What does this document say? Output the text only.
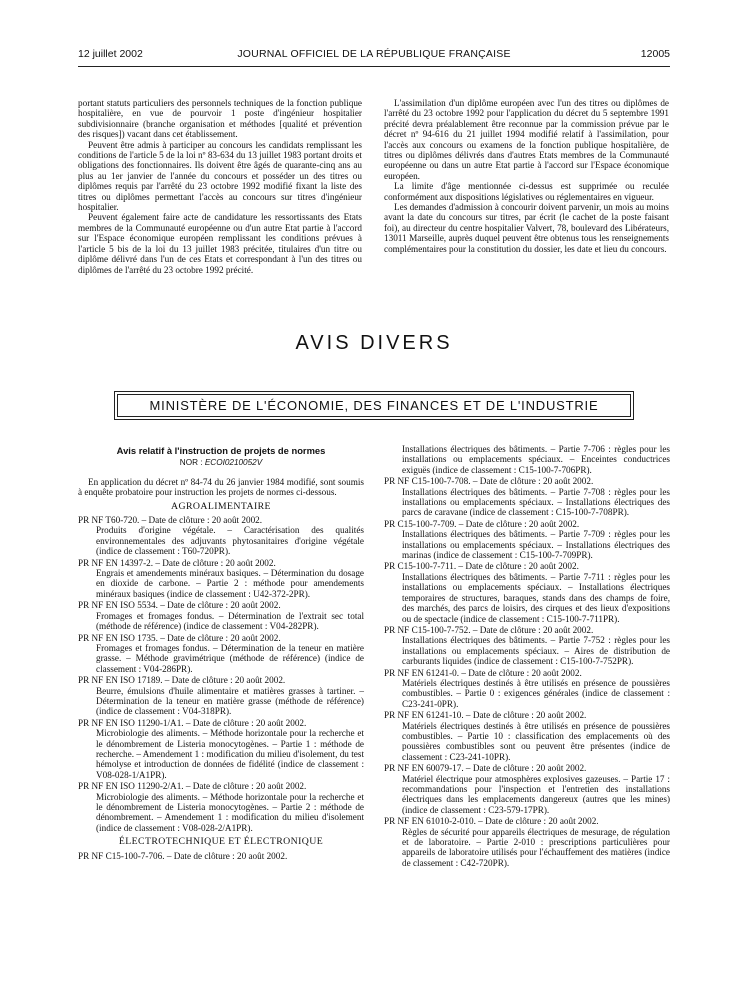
12 juillet 2002	JOURNAL OFFICIEL DE LA RÉPUBLIQUE FRANÇAISE	12005

portant statuts particuliers des personnels techniques de la fonction publique hospitalière, en vue de pourvoir 1 poste d'ingénieur hospitalier subdivisionnaire (branche organisation et méthodes [qualité et prévention des risques]) vacant dans cet établissement.

Peuvent être admis à participer au concours les candidats remplissant les conditions de l'article 5 de la loi nº 83-634 du 13 juillet 1983 portant droits et obligations des fonctionnaires. Ils doivent être âgés de quarante-cinq ans au plus au 1er janvier de l'année du concours et posséder un des titres ou diplômes requis par l'arrêté du 23 octobre 1992 modifié fixant la liste des titres ou diplômes permettant l'accès au concours sur titres d'ingénieur hospitalier.

Peuvent également faire acte de candidature les ressortissants des Etats membres de la Communauté européenne ou d'un autre Etat partie à l'accord sur l'Espace économique européen remplissant les conditions prévues à l'article 5 bis de la loi du 13 juillet 1983 précitée, titulaires d'un titre ou diplôme délivré dans l'un de ces Etats et correspondant à l'un des titres ou diplômes de l'arrêté du 23 octobre 1992 précité.

L'assimilation d'un diplôme européen avec l'un des titres ou diplômes de l'arrêté du 23 octobre 1992 pour l'application du décret du 5 septembre 1991 précité devra préalablement être reconnue par la commission prévue par le décret nº 94-616 du 21 juillet 1994 modifié relatif à l'assimilation, pour l'accès aux concours ou examens de la fonction publique hospitalière, de titres ou diplômes délivrés dans d'autres Etats membres de la Communauté européenne ou dans un autre Etat partie à l'accord sur l'Espace économique européen.

La limite d'âge mentionnée ci-dessus est supprimée ou reculée conformément aux dispositions législatives ou réglementaires en vigueur.

Les demandes d'admission à concourir doivent parvenir, un mois au moins avant la date du concours sur titres, par écrit (le cachet de la poste faisant foi), au directeur du centre hospitalier Valvert, 78, boulevard des Libérateurs, 13011 Marseille, auprès duquel peuvent être obtenus tous les renseignements complémentaires pour la constitution du dossier, les date et lieu du concours.

AVIS DIVERS
MINISTÈRE DE L'ÉCONOMIE, DES FINANCES ET DE L'INDUSTRIE
Avis relatif à l'instruction de projets de normes
NOR : ECOI0210052V

En application du décret nº 84-74 du 26 janvier 1984 modifié, sont soumis à enquête probatoire pour instruction les projets de normes ci-dessous.

AGROALIMENTAIRE
PR NF T60-720. – Date de clôture : 20 août 2002.
Produits d'origine végétale. – Caractérisation des qualités environnementales des adjuvants phytosanitaires d'origine végétale (indice de classement : T60-720PR).
PR NF EN 14397-2. – Date de clôture : 20 août 2002.
Engrais et amendements minéraux basiques. – Détermination du dosage en dioxide de carbone. – Partie 2 : méthode pour amendements minéraux basiques (indice de classement : U42-372-2PR).
PR NF EN ISO 5534. – Date de clôture : 20 août 2002.
Fromages et fromages fondus. – Détermination de l'extrait sec total (méthode de référence) (indice de classement : V04-282PR).
PR NF EN ISO 1735. – Date de clôture : 20 août 2002.
Fromages et fromages fondus. – Détermination de la teneur en matière grasse. – Méthode gravimétrique (méthode de référence) (indice de classement : V04-286PR).
PR NF EN ISO 17189. – Date de clôture : 20 août 2002.
Beurre, émulsions d'huile alimentaire et matières grasses à tartiner. – Détermination de la teneur en matière grasse (méthode de référence) (indice de classement : V04-318PR).
PR NF EN ISO 11290-1/A1. – Date de clôture : 20 août 2002.
Microbiologie des aliments. – Méthode horizontale pour la recherche et le dénombrement de Listeria monocytogènes. – Partie 1 : méthode de recherche. – Amendement 1 : modification du milieu d'isolement, du test hémolyse et introduction de données de fidélité (indice de classement : V08-028-1/A1PR).
PR NF EN ISO 11290-2/A1. – Date de clôture : 20 août 2002.
Microbiologie des aliments. – Méthode horizontale pour la recherche et le dénombrement de Listeria monocytogènes. – Partie 2 : méthode de dénombrement. – Amendement 1 : modification du milieu d'isolement (indice de classement : V08-028-2/A1PR).
ÉLECTROTECHNIQUE ET ÉLECTRONIQUE
PR NF C15-100-7-706. – Date de clôture : 20 août 2002.
Installations électriques des bâtiments. – Partie 7-706 : règles pour les installations ou emplacements spéciaux. – Enceintes conductrices exiguës (indice de classement : C15-100-7-706PR).
PR NF C15-100-7-708. – Date de clôture : 20 août 2002.
Installations électriques des bâtiments. – Partie 7-708 : règles pour les installations ou emplacements spéciaux. – Installations électriques des parcs de caravane (indice de classement : C15-100-7-708PR).
PR C15-100-7-709. – Date de clôture : 20 août 2002.
Installations électriques des bâtiments. – Partie 7-709 : règles pour les installations ou emplacements spéciaux. – Installations électriques des marinas (indice de classement : C15-100-7-709PR).
PR C15-100-7-711. – Date de clôture : 20 août 2002.
Installations électriques des bâtiments. – Partie 7-711 : règles pour les installations ou emplacements spéciaux. – Installations électriques temporaires de structures, baraques, stands dans des champs de foire, des marchés, des parcs de loisirs, des cirques et des lieux d'expositions ou de spectacle (indice de classement : C15-100-7-711PR).
PR NF C15-100-7-752. – Date de clôture : 20 août 2002.
Installations électriques des bâtiments. – Partie 7-752 : règles pour les installations ou emplacements spéciaux. – Aires de distribution de carburants liquides (indice de classement : C15-100-7-752PR).
PR NF EN 61241-0. – Date de clôture : 20 août 2002.
Matériels électriques destinés à être utilisés en présence de poussières combustibles. – Partie 0 : exigences générales (indice de classement : C23-241-0PR).
PR NF EN 61241-10. – Date de clôture : 20 août 2002.
Matériels électriques destinés à être utilisés en présence de poussières combustibles. – Partie 10 : classification des emplacements où des poussières combustibles sont ou peuvent être présentes (indice de classement : C23-241-10PR).
PR NF EN 60079-17. – Date de clôture : 20 août 2002.
Matériel électrique pour atmosphères explosives gazeuses. – Partie 17 : recommandations pour l'inspection et l'entretien des installations électriques dans les emplacements dangereux (autres que les mines) (indice de classement : C23-579-17PR).
PR NF EN 61010-2-010. – Date de clôture : 20 août 2002.
Règles de sécurité pour appareils électriques de mesurage, de régulation et de laboratoire. – Partie 2-010 : prescriptions particulières pour appareils de laboratoire utilisés pour l'échauffement des matières (indice de classement : C42-720PR).
